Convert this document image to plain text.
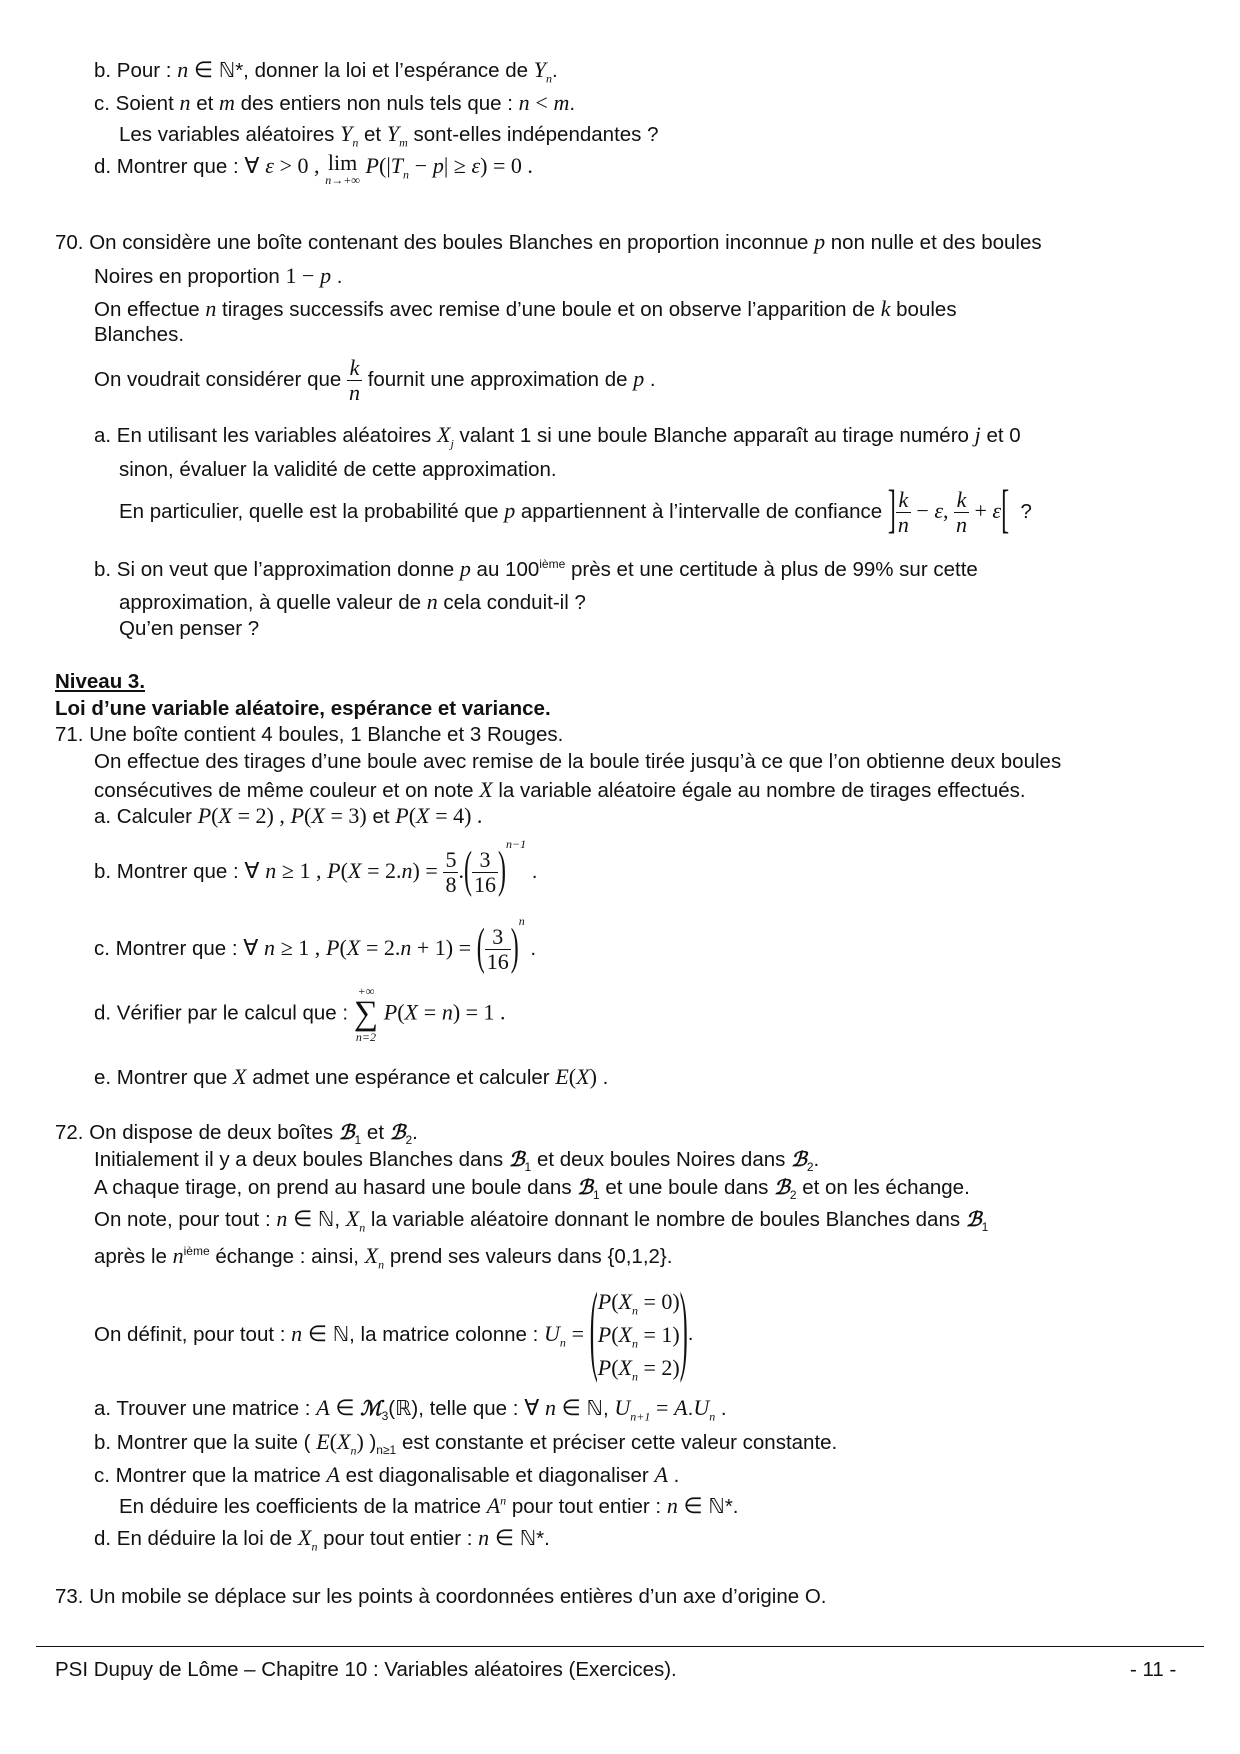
b. Pour : n ∈ ℕ*, donner la loi et l’espérance de $Y_n$.
c. Soient n et m des entiers non nuls tels que : n < m.
Les variables aléatoires $Y_n$ et $Y_m$ sont-elles indépendantes ?
d. Montrer que : ∀ ε > 0 , lim
n→+∞
$P(|T_n - p| \ge \varepsilon) = 0$ .
70. On considère une boîte contenant des boules Blanches en proportion inconnue p non nulle et des boules
Noires en proportion 1 − p .
On effectue n tirages successifs avec remise d’une boule et on observe l’apparition de k boules
Blanches.
On voudrait considérer que $\frac{k}{n}$ fournit une approximation de p .
a. En utilisant les variables aléatoires $X_j$ valant 1 si une boule Blanche apparaît au tirage numéro j et 0
sinon, évaluer la validité de cette approximation.
En particulier, quelle est la probabilité que p appartiennent à l’intervalle de confiance ] $\frac{k}{n} - \varepsilon$, $\frac{k}{n} + \varepsilon$[ ?
b. Si on veut que l’approximation donne p au 100ième près et une certitude à plus de 99% sur cette
approximation, à quelle valeur de n cela conduit-il ?
Qu’en penser ?
Niveau 3.
Loi d’une variable aléatoire, espérance et variance.
71. Une boîte contient 4 boules, 1 Blanche et 3 Rouges.
On effectue des tirages d’une boule avec remise de la boule tirée jusqu’à ce que l’on obtienne deux boules
consécutives de même couleur et on note X la variable aléatoire égale au nombre de tirages effectués.
a. Calculer P(X = 2) , P(X = 3) et P(X = 4) .
b. Montrer que : ∀ n ≥ 1 , $P(X = 2.n) = \frac{5}{8}$ .( $\frac{3}{16} )^{n-1}$ .
c. Montrer que : ∀ n ≥ 1 , P(X = 2.n + 1) = ( $\frac{3}{16} )^n$ .
d. Vérifier par le calcul que :
+∞
∑
n=2
P(X = n) = 1 .
e. Montrer que X admet une espérance et calculer E(X) .
72. On dispose de deux boîtes ℬ$_1$ et ℬ$_2$.
Initialement il y a deux boules Blanches dans ℬ$_1$ et deux boules Noires dans ℬ$_2$.
A chaque tirage, on prend au hasard une boule dans ℬ$_1$ et une boule dans ℬ$_2$ et on les échange.
On note, pour tout : n ∈ ℕ, $X_n$ la variable aléatoire donnant le nombre de boules Blanches dans ℬ$_1$
après le $n^{ième}$ échange : ainsi, $X_n$ prend ses valeurs dans {0,1,2}.
On définit, pour tout : n ∈ ℕ, la matrice colonne : $U_n = (P(X_n = 0)$
$P(X_n = 1)$
$P(X_n = 2)$).
a. Trouver une matrice : A ∈ ℳ$_3$(ℝ), telle que : ∀ n ∈ ℕ, $U_{n+1} = A.U_n$ .
b. Montrer que la suite ( $E(X_n)$ )$_{n\ge 1}$ est constante et préciser cette valeur constante.
c. Montrer que la matrice A est diagonalisable et diagonaliser A .
En déduire les coefficients de la matrice $A^n$ pour tout entier : n ∈ ℕ*.
d. En déduire la loi de $X_n$ pour tout entier : n ∈ ℕ*.
73. Un mobile se déplace sur les points à coordonnées entières d’un axe d’origine O.
PSI Dupuy de Lôme – Chapitre 10 : Variables aléatoires (Exercices).	- 11 -
